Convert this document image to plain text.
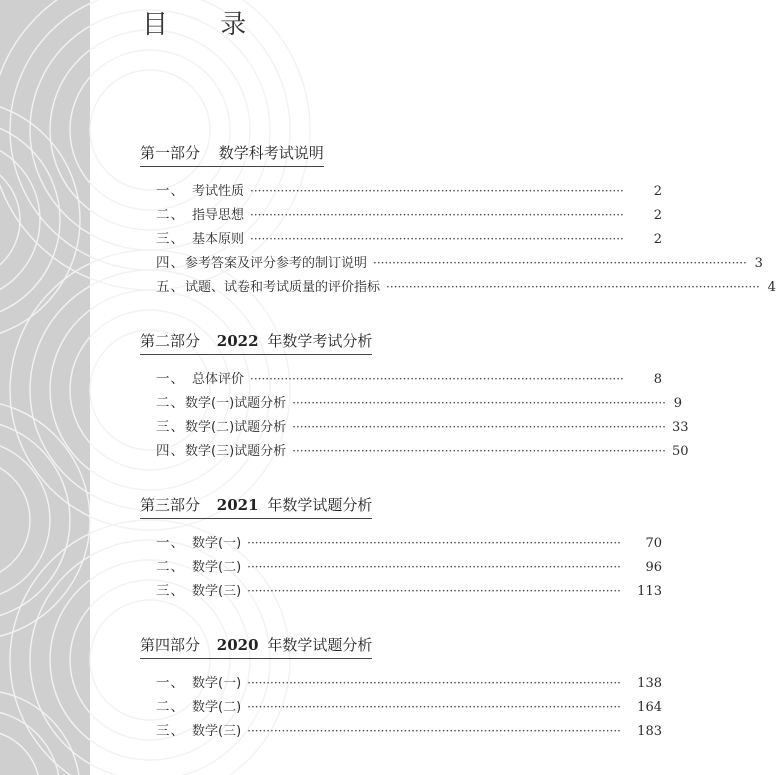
目 录
第一部分 数学科考试说明
一、 考试性质 ··································································································	2
二、 指导思想 ··································································································	2
三、 基本原则 ··································································································	2
四、 参考答案及评分参考的制订说明 ·································································································· 3
五、 试题、试卷和考试质量的评价指标 ·································································································· 4
第二部分 2022 年数学考试分析
一、 总体评价 ··································································································	8
二、 数学(一)试题分析 ·································································································· 9
三、 数学(二)试题分析 ·································································································· 33
四、 数学(三)试题分析 ·································································································· 50
第三部分 2021 年数学试题分析
一、 数学(一) ··································································································	70
二、 数学(二) ··································································································	96
三、 数学(三) ··································································································	113
第四部分 2020 年数学试题分析
一、 数学(一) ··································································································	138
二、 数学(二) ··································································································	164
三、 数学(三) ··································································································	183
